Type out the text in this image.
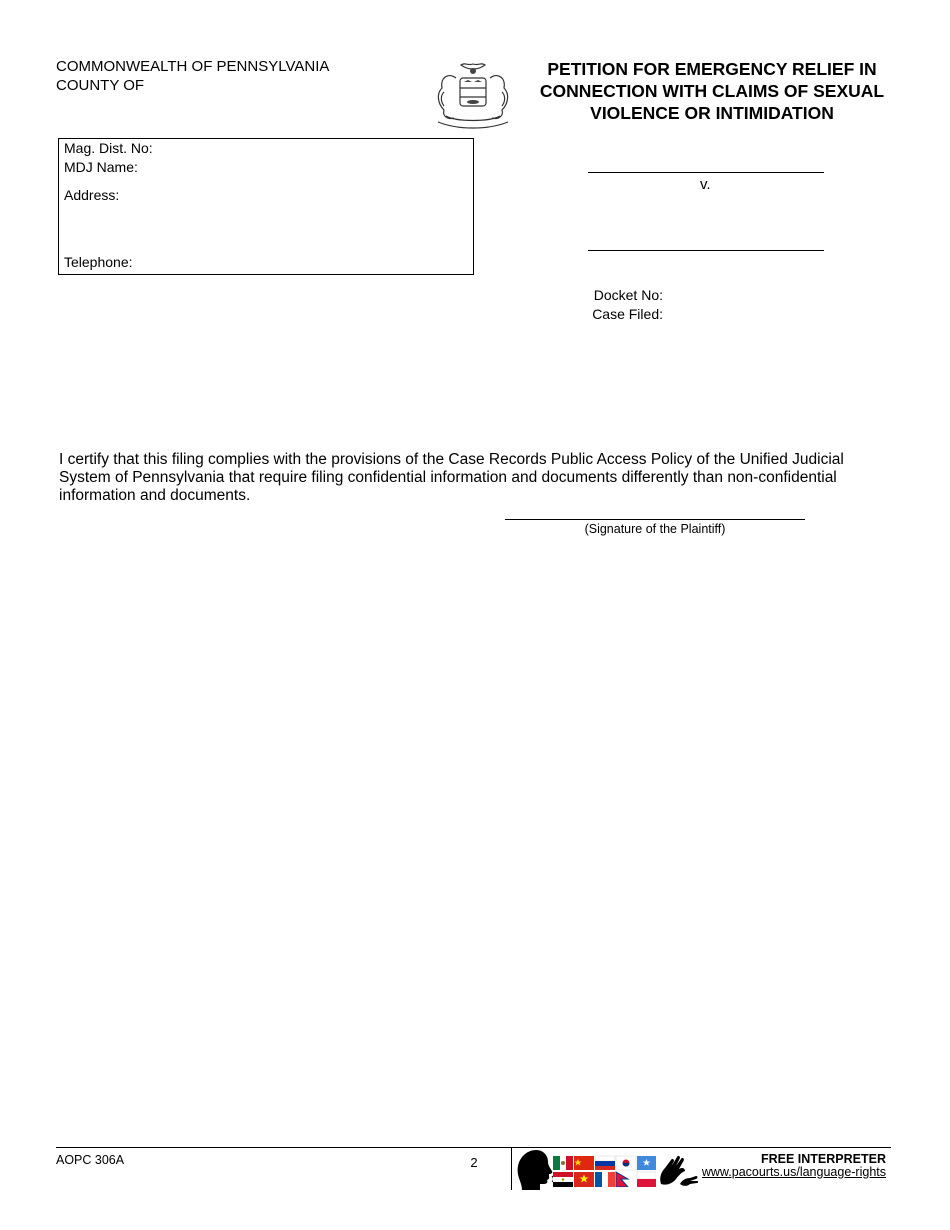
COMMONWEALTH OF PENNSYLVANIA
COUNTY OF
PETITION FOR EMERGENCY RELIEF IN CONNECTION WITH CLAIMS OF SEXUAL VIOLENCE OR INTIMIDATION
Mag. Dist. No:
MDJ Name:
Address:
Telephone:
v.
Docket No:
Case Filed:
I certify that this filing complies with the provisions of the Case Records Public Access Policy of the Unified Judicial System of Pennsylvania that require filing confidential information and documents differently than non-confidential information and documents.
(Signature of the Plaintiff)
AOPC 306A	2	FREE INTERPRETER
www.pacourts.us/language-rights
